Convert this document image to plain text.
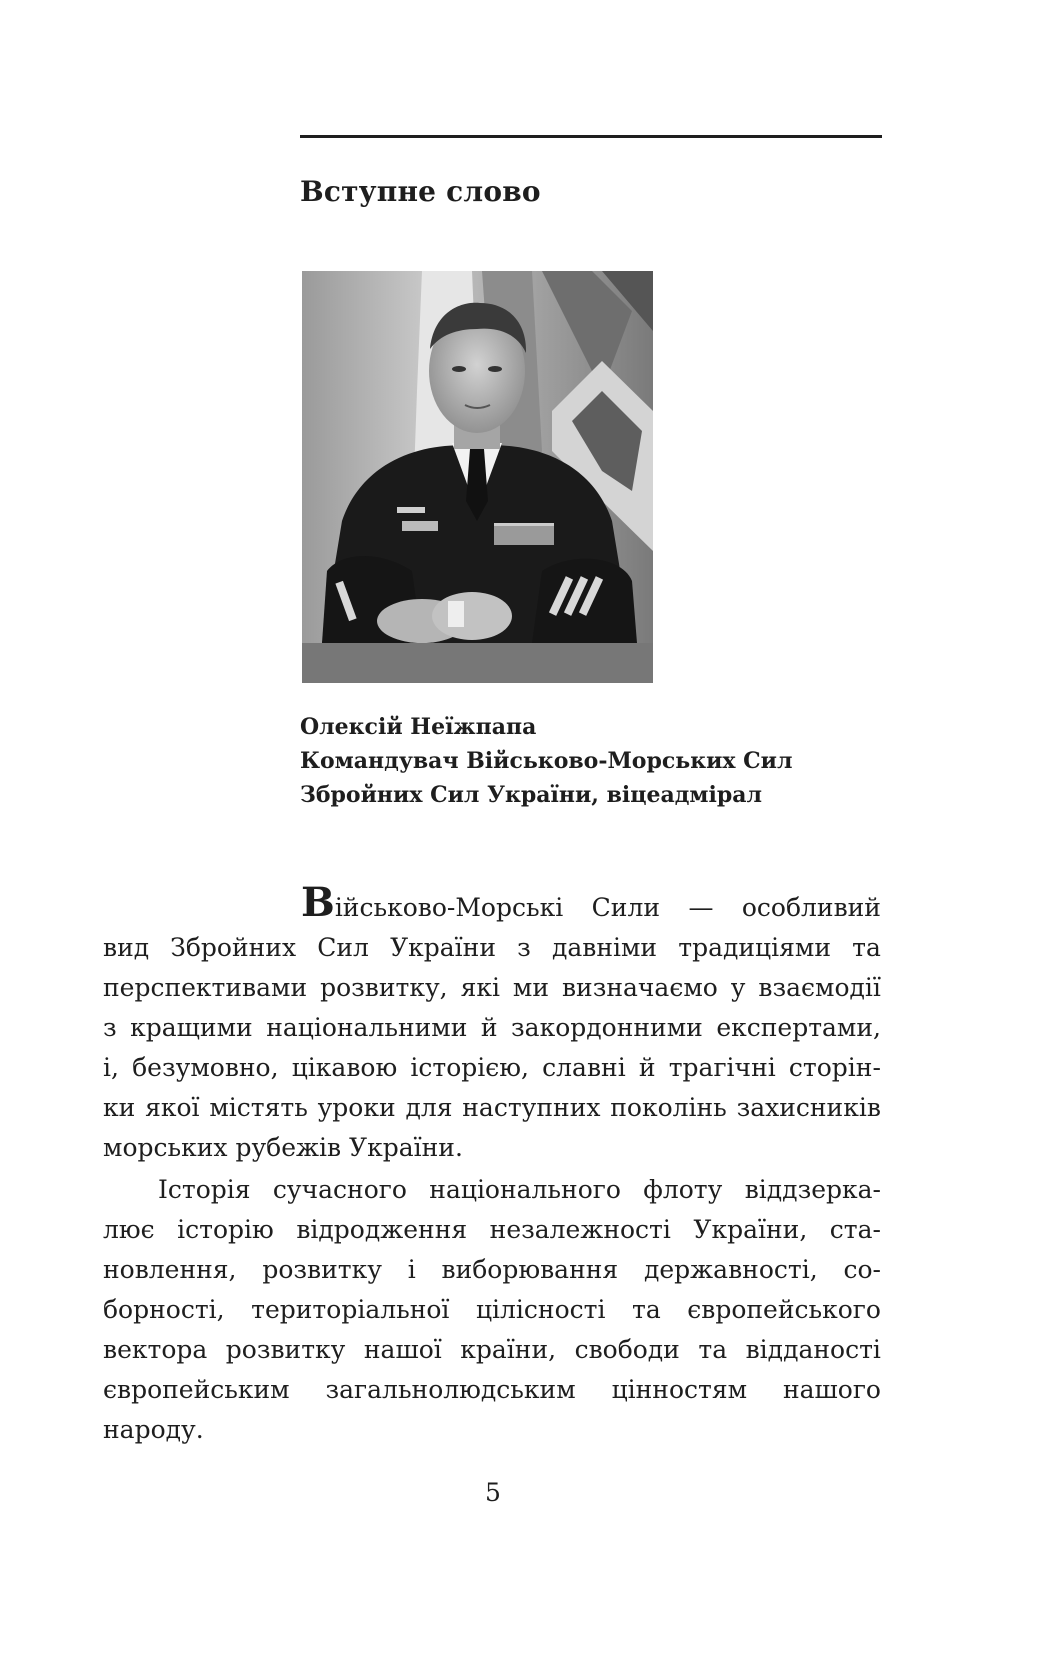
Вступне слово
Олексій Неїжпапа
Командувач Військово-Морських Сил
Збройних Сил України, віцеадмірал
Військово-Морські Сили — особливий
вид Збройних Сил України з давніми традиціями та
перспективами розвитку, які ми визначаємо у взаємодії
з кращими національними й закордонними експертами,
і, безумовно, цікавою історією, славні й трагічні сторін-
ки якої містять уроки для наступних поколінь захисників
морських рубежів України.
Історія сучасного національного флоту віддзерка-
лює історію відродження незалежності України, ста-
новлення, розвитку і виборювання державності, со-
борності, територіальної цілісності та європейського
вектора розвитку нашої країни, свободи та відданості
європейським загальнолюдським цінностям нашого
народу.
5
